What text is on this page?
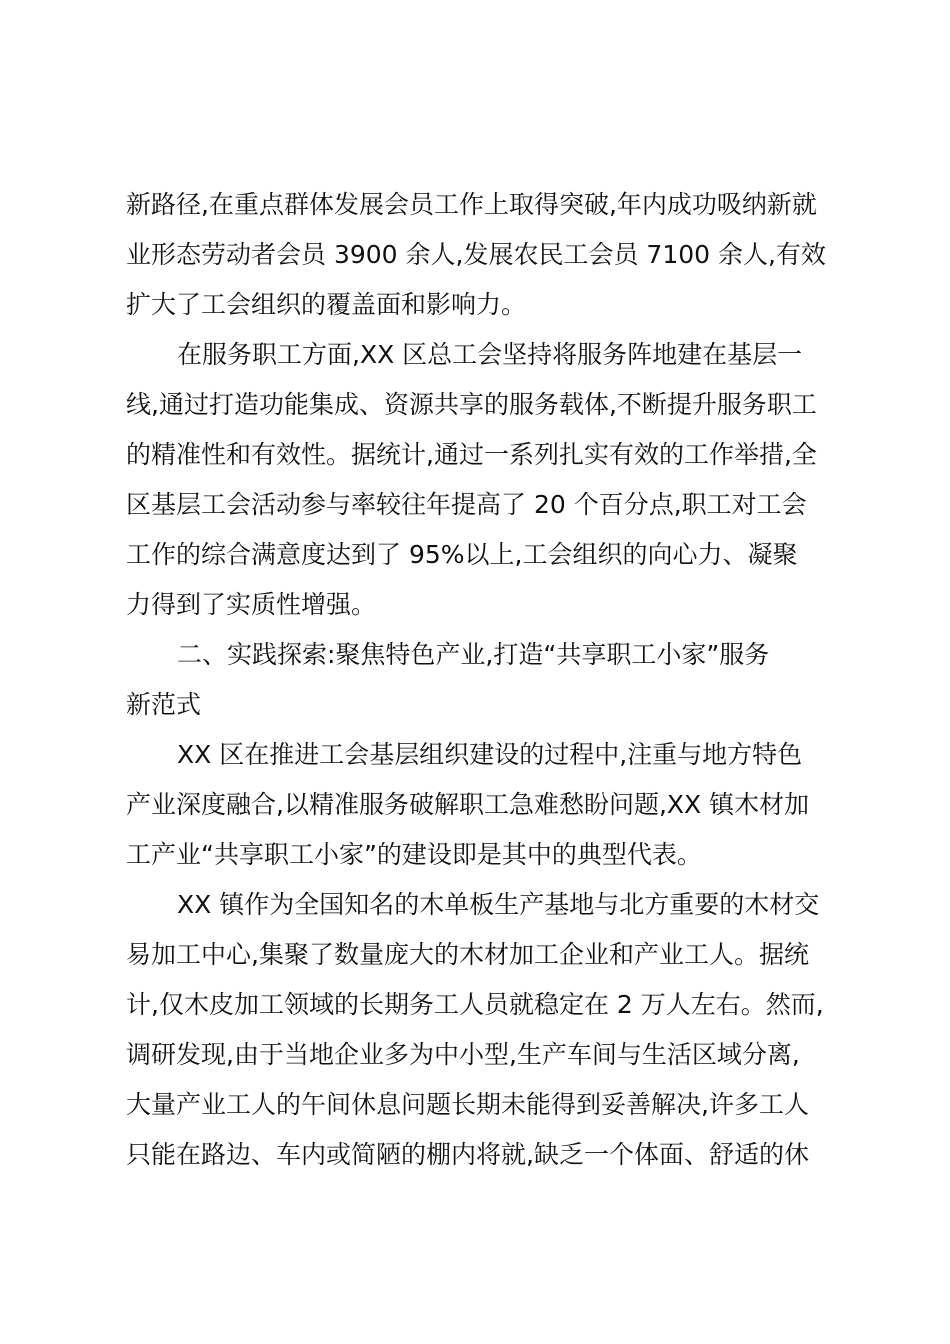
新路径,在重点群体发展会员工作上取得突破,年内成功吸纳新就
业形态劳动者会员 3900 余人,发展农民工会员 7100 余人,有效
扩大了工会组织的覆盖面和影响力。
在服务职工方面,XX 区总工会坚持将服务阵地建在基层一
线,通过打造功能集成、资源共享的服务载体,不断提升服务职工
的精准性和有效性。据统计,通过一系列扎实有效的工作举措,全
区基层工会活动参与率较往年提高了 20 个百分点,职工对工会
工作的综合满意度达到了 95%以上,工会组织的向心力、凝聚
力得到了实质性增强。
二、实践探索:聚焦特色产业,打造“共享职工小家”服务
新范式
XX 区在推进工会基层组织建设的过程中,注重与地方特色
产业深度融合,以精准服务破解职工急难愁盼问题,XX 镇木材加
工产业“共享职工小家”的建设即是其中的典型代表。
XX 镇作为全国知名的木单板生产基地与北方重要的木材交
易加工中心,集聚了数量庞大的木材加工企业和产业工人。据统
计,仅木皮加工领域的长期务工人员就稳定在 2 万人左右。然而,
调研发现,由于当地企业多为中小型,生产车间与生活区域分离,
大量产业工人的午间休息问题长期未能得到妥善解决,许多工人
只能在路边、车内或简陋的棚内将就,缺乏一个体面、舒适的休
